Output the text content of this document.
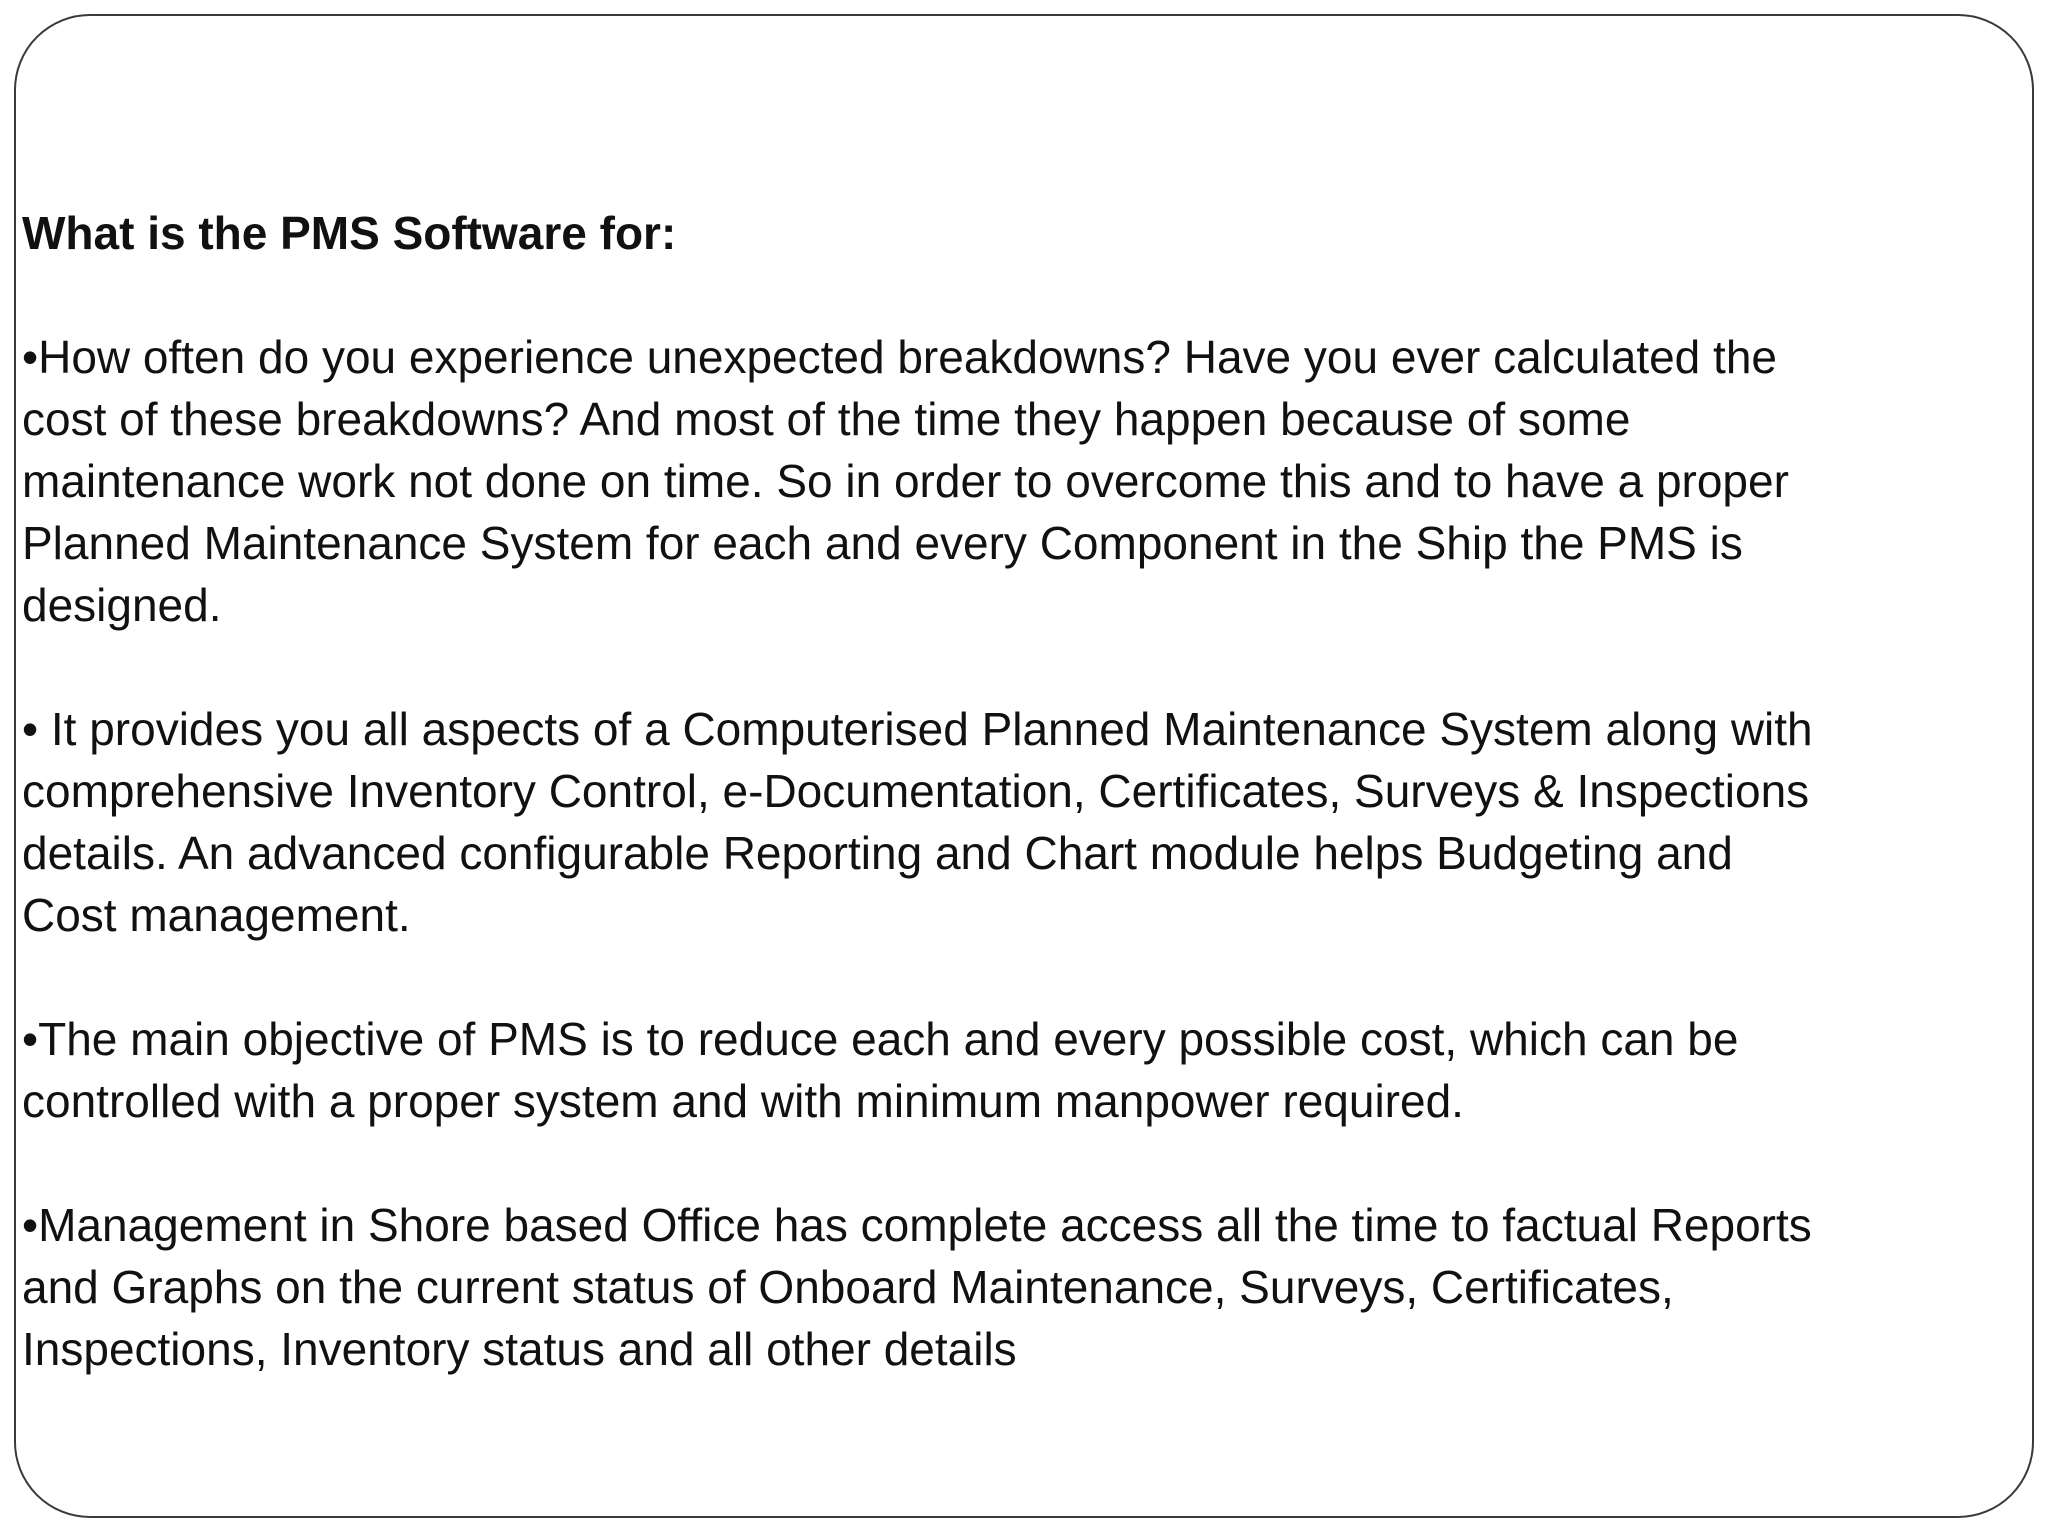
What is the PMS Software for:
•How often do you experience unexpected breakdowns? Have you ever calculated the
cost of these breakdowns? And most of the time they happen because of some
maintenance work not done on time. So in order to overcome this and to have a proper
Planned Maintenance System for each and every Component in the Ship the PMS is
designed.
• It provides you all aspects of a Computerised Planned Maintenance System along with
comprehensive Inventory Control, e-Documentation, Certificates, Surveys & Inspections
details. An advanced configurable Reporting and Chart module helps Budgeting and
Cost management.
•The main objective of PMS is to reduce each and every possible cost, which can be
controlled with a proper system and with minimum manpower required.
•Management in Shore based Office has complete access all the time to factual Reports
and Graphs on the current status of Onboard Maintenance, Surveys, Certificates,
Inspections, Inventory status and all other details
